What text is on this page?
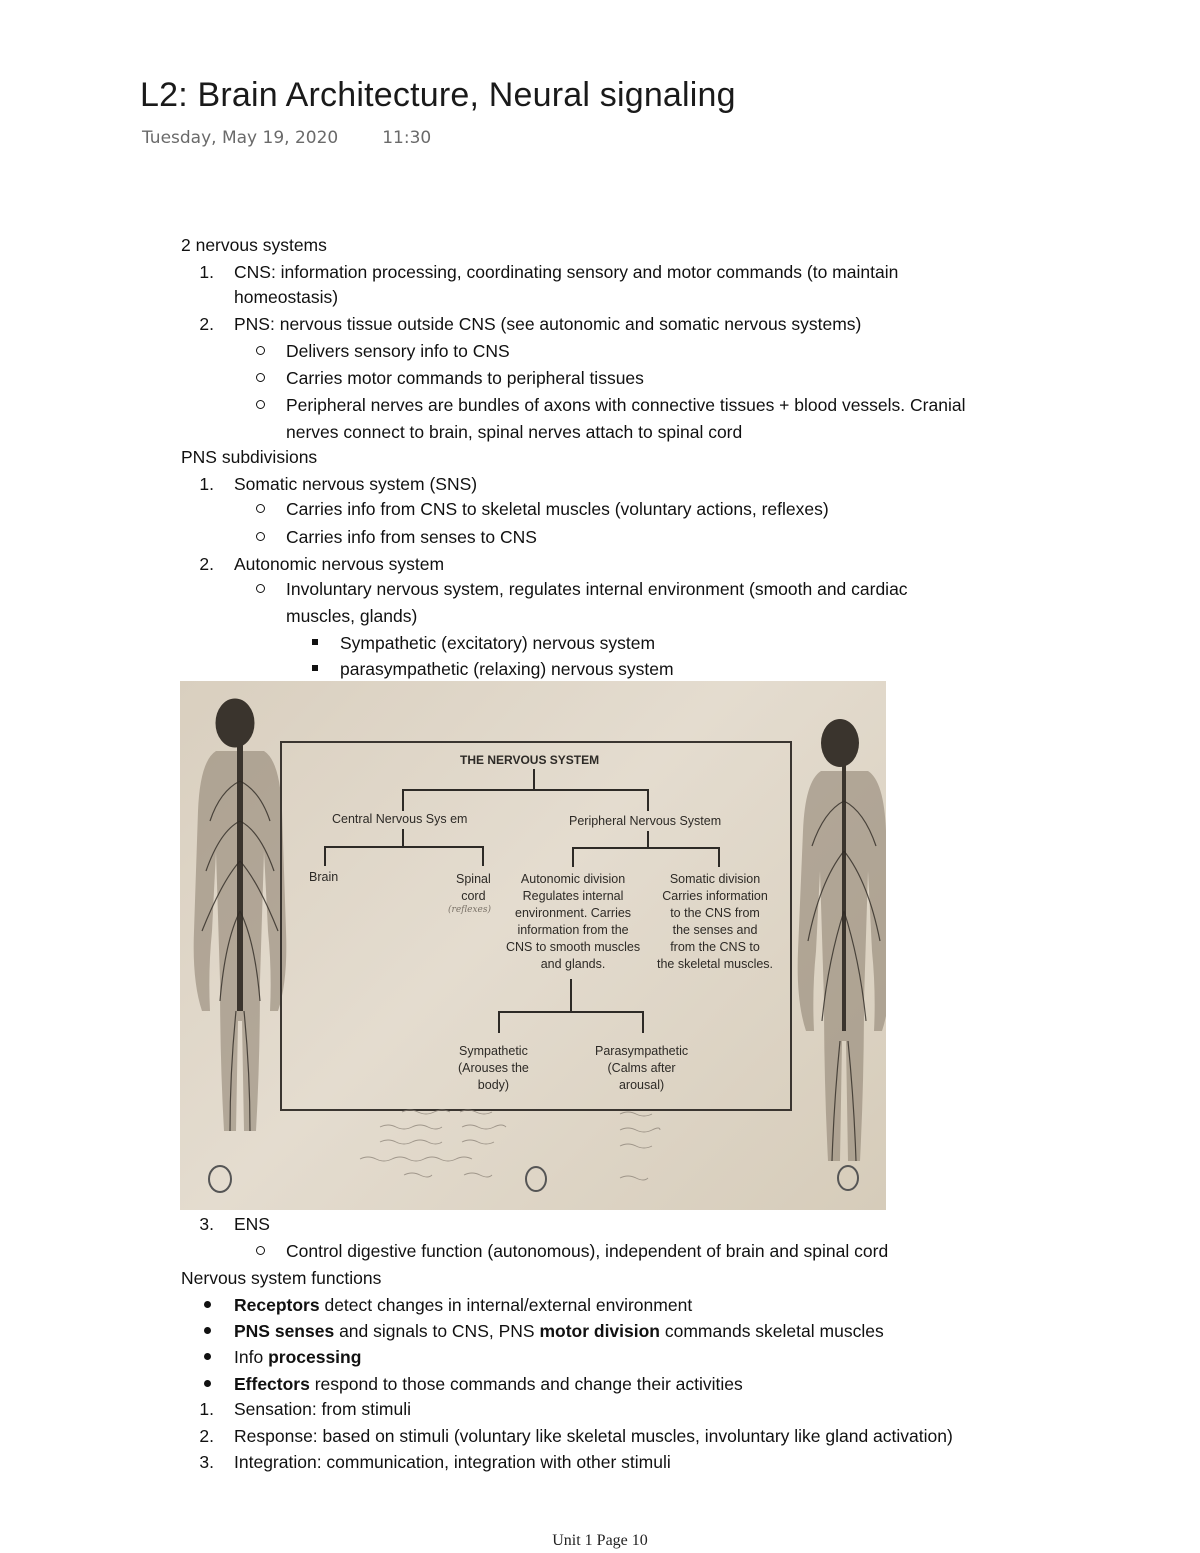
L2: Brain Architecture, Neural signaling
Tuesday, May 19, 2020	11:30
2 nervous systems
1. CNS: information processing, coordinating sensory and motor commands (to maintain
homeostasis)
2. PNS: nervous tissue outside CNS (see autonomic and somatic nervous systems)
Delivers sensory info to CNS
Carries motor commands to peripheral tissues
Peripheral nerves are bundles of axons with connective tissues + blood vessels. Cranial
nerves connect to brain, spinal nerves attach to spinal cord
PNS subdivisions
1. Somatic nervous system (SNS)
Carries info from CNS to skeletal muscles (voluntary actions, reflexes)
Carries info from senses to CNS
2. Autonomic nervous system
Involuntary nervous system, regulates internal environment (smooth and cardiac
muscles, glands)
Sympathetic (excitatory) nervous system
parasympathetic (relaxing) nervous system
THE NERVOUS SYSTEM
Central Nervous Sys em	Peripheral Nervous System
Brain	Spinal
cord
(reflexes)
Autonomic division
Regulates internal
environment. Carries
information from the
CNS to smooth muscles
and glands.
Somatic division
Carries information
to the CNS from
the senses and
from the CNS to
the skeletal muscles.
Sympathetic
(Arouses the
body)
Parasympathetic
(Calms after
arousal)
3. ENS
Control digestive function (autonomous), independent of brain and spinal cord
Nervous system functions
Receptors detect changes in internal/external environment
PNS senses and signals to CNS, PNS motor division commands skeletal muscles
Info processing
Effectors respond to those commands and change their activities
1. Sensation: from stimuli
2. Response: based on stimuli (voluntary like skeletal muscles, involuntary like gland activation)
3. Integration: communication, integration with other stimuli
Unit 1 Page 10
